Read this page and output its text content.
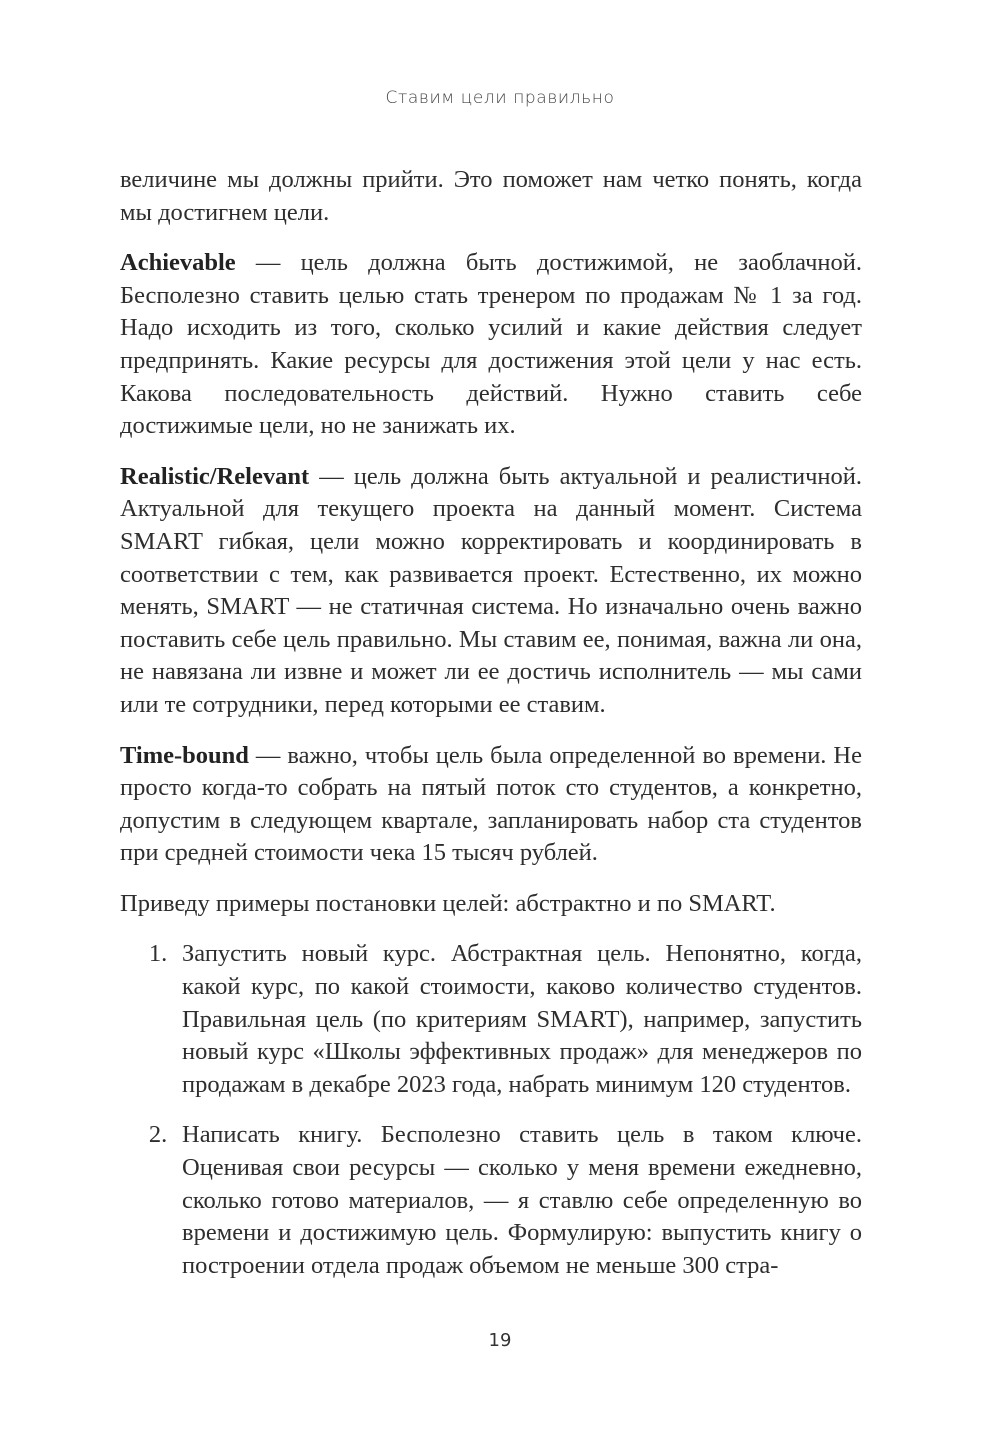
Ставим цели правильно

величине мы должны прийти. Это поможет нам четко понять, когда мы достигнем цели.

Achievable — цель должна быть достижимой, не заоблачной. Бесполезно ставить целью стать тренером по продажам № 1 за год. Надо исходить из того, сколько усилий и какие действия следует предпринять. Какие ресурсы для достижения этой цели у нас есть. Какова последовательность действий. Нужно ставить себе достижимые цели, но не занижать их.

Realistic/Relevant — цель должна быть актуальной и реалистичной. Актуальной для текущего проекта на данный момент. Система SMART гибкая, цели можно корректировать и координировать в соответствии с тем, как развивается проект. Естественно, их можно менять, SMART — не статичная система. Но изначально очень важно поставить себе цель правильно. Мы ставим ее, понимая, важна ли она, не навязана ли извне и может ли ее достичь исполнитель — мы сами или те сотрудники, перед которыми ее ставим.

Time-bound — важно, чтобы цель была определенной во времени. Не просто когда-то собрать на пятый поток сто студентов, а конкретно, допустим в следующем квартале, запланировать набор ста студентов при средней стоимости чека 15 тысяч рублей.

Приведу примеры постановки целей: абстрактно и по SMART.

1. Запустить новый курс. Абстрактная цель. Непонятно, когда, какой курс, по какой стоимости, каково количество студентов. Правильная цель (по критериям SMART), например, запустить новый курс «Школы эффективных продаж» для менеджеров по продажам в декабре 2023 года, набрать минимум 120 студентов.
2. Написать книгу. Бесполезно ставить цель в таком ключе. Оценивая свои ресурсы — сколько у меня времени ежедневно, сколько готово материалов, — я ставлю себе определенную во времени и достижимую цель. Формулирую: выпустить книгу о построении отдела продаж объемом не меньше 300 стра-
19
